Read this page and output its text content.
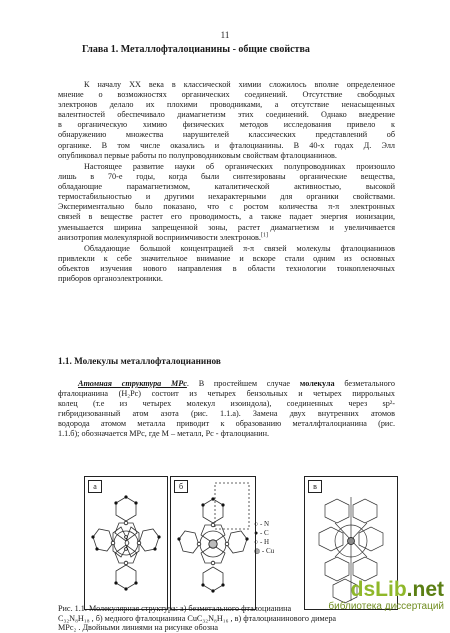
11
Глава 1. Металлофталоцианины - общие свойства

К началу XX века в классической химии сложилось вполне определенное
мнение о возможностях органических соединений. Отсутствие свободных
электронов делало их плохими проводниками, а отсутствие ненасыщенных
валентностей обеспечивало диамагнетизм этих соединений. Однако внедрение
в органическую химию физических методов исследования привело к
обнаружению множества нарушителей классических представлений об
органике. В том числе оказались и фталоцианины. В 40-х годах Д. Элл
опубликовал первые работы по полупроводниковым свойствам фталоцианинов.

Настоящее развитие науки об органических полупроводниках произошло
лишь в 70-е годы, когда были синтезированы органические вещества,
обладающие парамагнетизмом, каталитической активностью, высокой
термостабильностью и другими нехарактерными для органики свойствами.
Экспериментально было показано, что с ростом количества π-π электронных
связей в веществе растет его проводимость, а также падает энергия ионизации,
уменьшается ширина запрещенной зоны, растет диамагнетизм и увеличивается
анизотропия молекулярной восприимчивости электронов.[1]

Обладающие большой концентрацией π-π связей молекулы фталоцианинов
привлекли к себе значительное внимание и вскоре стали одним из основных
объектов изучения нового направления в области технологии тонкопленочных
приборов органоэлектроники.

1.1. Молекулы металлофталоцианинов

Атомная структура MPc. В простейшем случае молекула безметального
фталоцианина (H₂Pc) состоит из четырех бензольных и четырех пиррольных
колец (т.е из четырех молекул изоиндола), соединенных через sp²-
гибридизованный атом азота (рис. 1.1.а). Замена двух внутренних атомов
водорода атомом металла приводит к образованию металлфталоцианина (рис.
1.1.б); обозначается MPc, где М – металл, Pc - фталоцианин.

а	б
○ - N
● - C
○ - H
◍ - Cu
в
Рис. 1.1. Молекулярная структура: а) безметального фталоцианина
C₃₂N₈H₁₈ , б) медного фталоцианина CuC₃₂N₈H₁₆ , в) фталоцианинового димера
MPc₂ . Двойными линиями на рисунке обозна
dsLib.net
библиотека диссертаций
